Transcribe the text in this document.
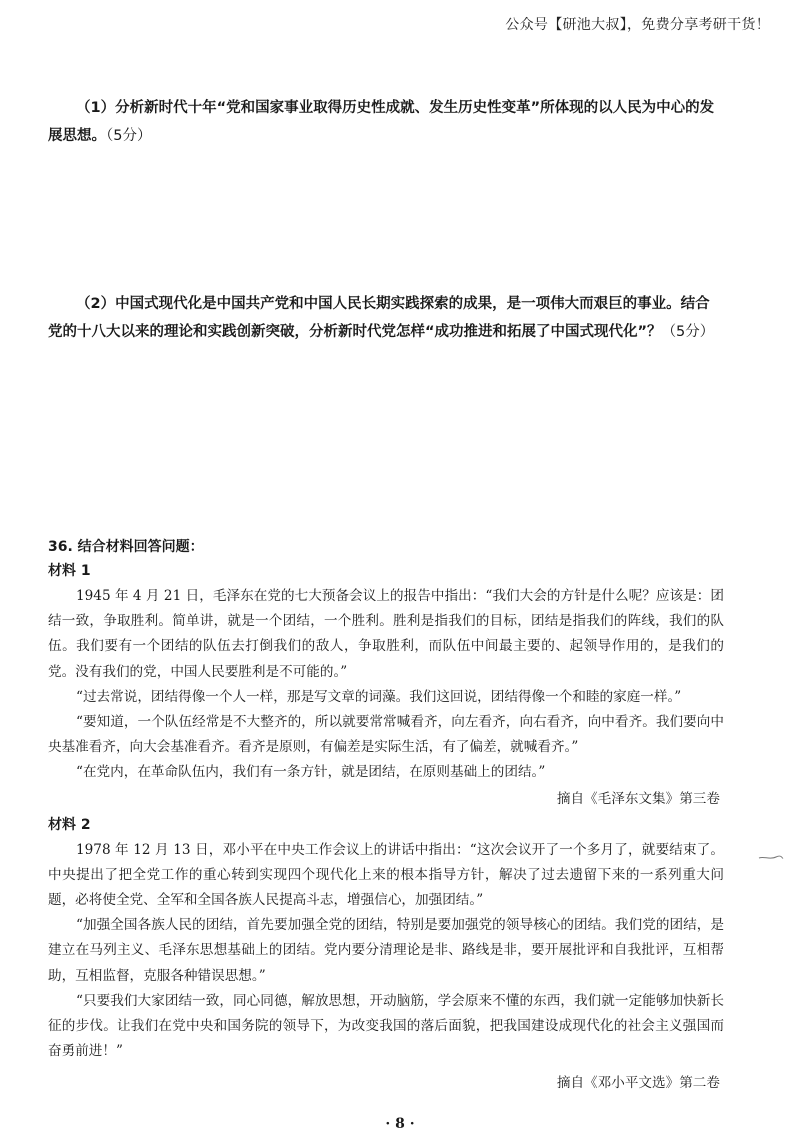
公众号【研池大叔】，免费分享考研干货！
（1）分析新时代十年“党和国家事业取得历史性成就、发生历史性变革”所体现的以人民为中心的发展思想。（5分）
（2）中国式现代化是中国共产党和中国人民长期实践探索的成果，是一项伟大而艰巨的事业。结合党的十八大以来的理论和实践创新突破，分析新时代党怎样“成功推进和拓展了中国式现代化”？（5分）
36. 结合材料回答问题：
材料 1

1945 年 4 月 21 日，毛泽东在党的七大预备会议上的报告中指出：“我们大会的方针是什么呢？应该是：团结一致，争取胜利。简单讲，就是一个团结，一个胜利。胜利是指我们的目标，团结是指我们的阵线，我们的队伍。我们要有一个团结的队伍去打倒我们的敌人，争取胜利，而队伍中间最主要的、起领导作用的，是我们的党。没有我们的党，中国人民要胜利是不可能的。”

“过去常说，团结得像一个人一样，那是写文章的词藻。我们这回说，团结得像一个和睦的家庭一样。”

“要知道，一个队伍经常是不大整齐的，所以就要常常喊看齐，向左看齐，向右看齐，向中看齐。我们要向中央基准看齐，向大会基准看齐。看齐是原则，有偏差是实际生活，有了偏差，就喊看齐。”

“在党内，在革命队伍内，我们有一条方针，就是团结，在原则基础上的团结。”

摘自《毛泽东文集》第三卷
材料 2

1978 年 12 月 13 日，邓小平在中央工作会议上的讲话中指出：“这次会议开了一个多月了，就要结束了。中央提出了把全党工作的重心转到实现四个现代化上来的根本指导方针，解决了过去遗留下来的一系列重大问题，必将使全党、全军和全国各族人民提高斗志，增强信心，加强团结。”

“加强全国各族人民的团结，首先要加强全党的团结，特别是要加强党的领导核心的团结。我们党的团结，是建立在马列主义、毛泽东思想基础上的团结。党内要分清理论是非、路线是非，要开展批评和自我批评，互相帮助，互相监督，克服各种错误思想。”

“只要我们大家团结一致，同心同德，解放思想，开动脑筋，学会原来不懂的东西，我们就一定能够加快新长征的步伐。让我们在党中央和国务院的领导下，为改变我国的落后面貌，把我国建设成现代化的社会主义强国而奋勇前进！”

摘自《邓小平文选》第二卷
· 8 ·
